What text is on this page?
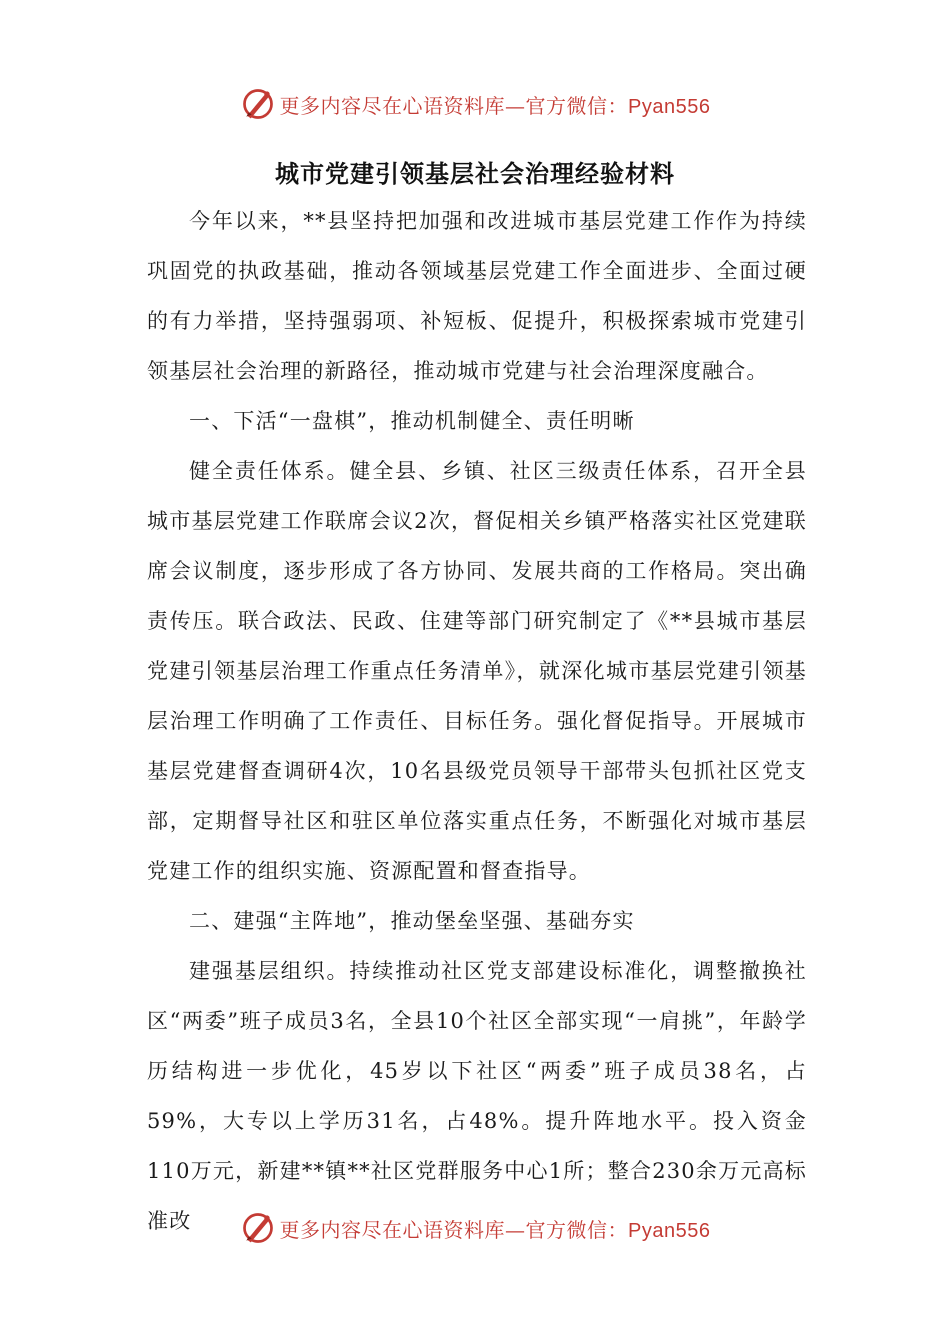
更多内容尽在心语资料库—官方微信：Pyan556
城市党建引领基层社会治理经验材料

今年以来，**县坚持把加强和改进城市基层党建工作作为持续巩固党的执政基础，推动各领域基层党建工作全面进步、全面过硬的有力举措，坚持强弱项、补短板、促提升，积极探索城市党建引领基层社会治理的新路径，推动城市党建与社会治理深度融合。

一、下活“一盘棋”，推动机制健全、责任明晰

健全责任体系。健全县、乡镇、社区三级责任体系，召开全县城市基层党建工作联席会议2次，督促相关乡镇严格落实社区党建联席会议制度，逐步形成了各方协同、发展共商的工作格局。突出确责传压。联合政法、民政、住建等部门研究制定了《**县城市基层党建引领基层治理工作重点任务清单》，就深化城市基层党建引领基层治理工作明确了工作责任、目标任务。强化督促指导。开展城市基层党建督查调研4次，10名县级党员领导干部带头包抓社区党支部，定期督导社区和驻区单位落实重点任务，不断强化对城市基层党建工作的组织实施、资源配置和督查指导。

二、建强“主阵地”，推动堡垒坚强、基础夯实

建强基层组织。持续推动社区党支部建设标准化，调整撤换社区“两委”班子成员3名，全县10个社区全部实现“一肩挑”，年龄学历结构进一步优化，45岁以下社区“两委”班子成员38名，占59%，大专以上学历31名，占48%。提升阵地水平。投入资金110万元，新建**镇**社区党群服务中心1所；整合230余万元高标准改	更多内容尽在心语资料库—官方微信：Pyan556
